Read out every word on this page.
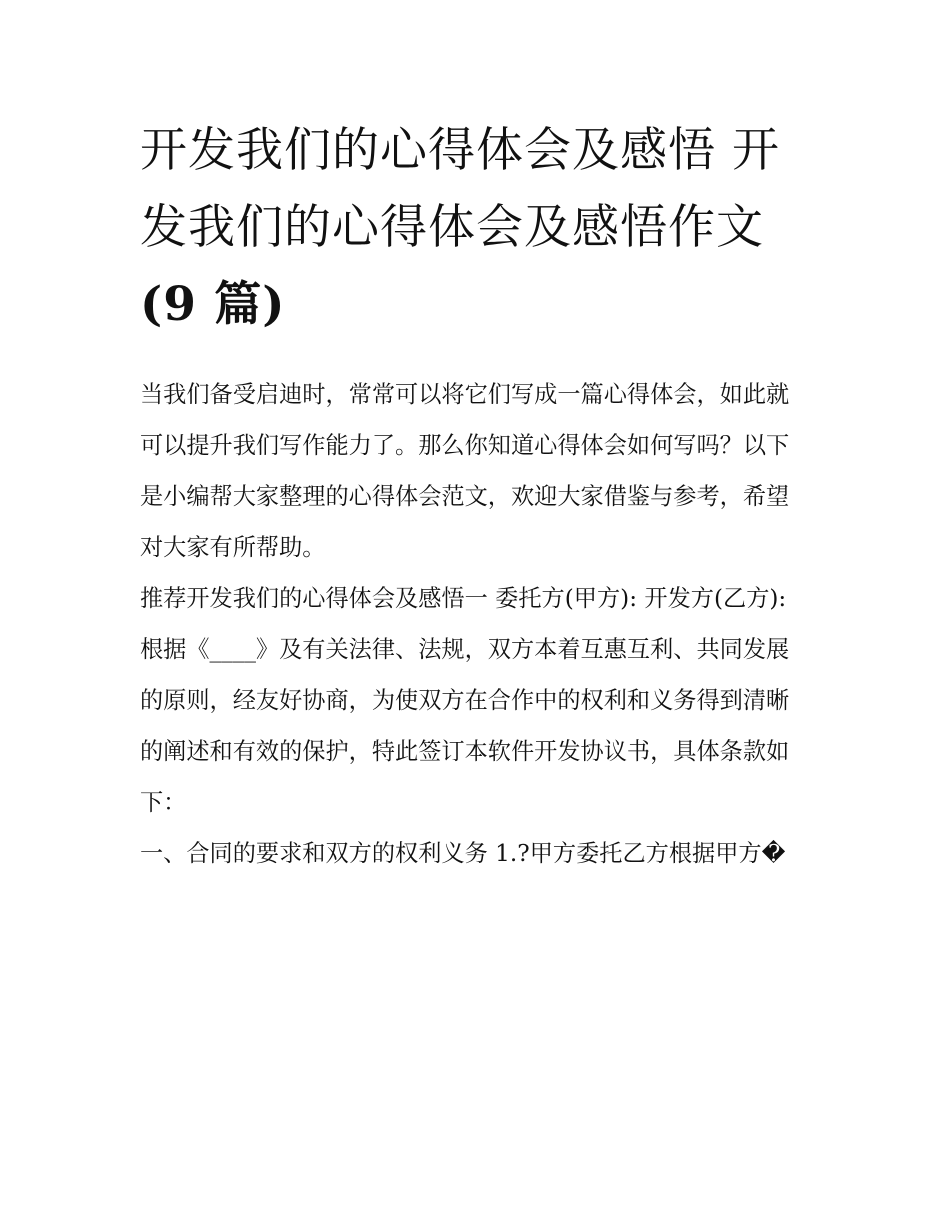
开发我们的心得体会及感悟 开发我们的心得体会及感悟作文(9 篇)

当我们备受启迪时，常常可以将它们写成一篇心得体会，如此就可以提升我们写作能力了。那么你知道心得体会如何写吗？以下是小编帮大家整理的心得体会范文，欢迎大家借鉴与参考，希望对大家有所帮助。

推荐开发我们的心得体会及感悟一 委托方(甲方): 开发方(乙方):

根据《____》及有关法律、法规，双方本着互惠互利、共同发展的原则，经友好协商，为使双方在合作中的权利和义务得到清晰的阐述和有效的保护，特此签订本软件开发协议书，具体条款如下：

一、合同的要求和双方的权利义务 1.?甲方委托乙方根据甲方�
